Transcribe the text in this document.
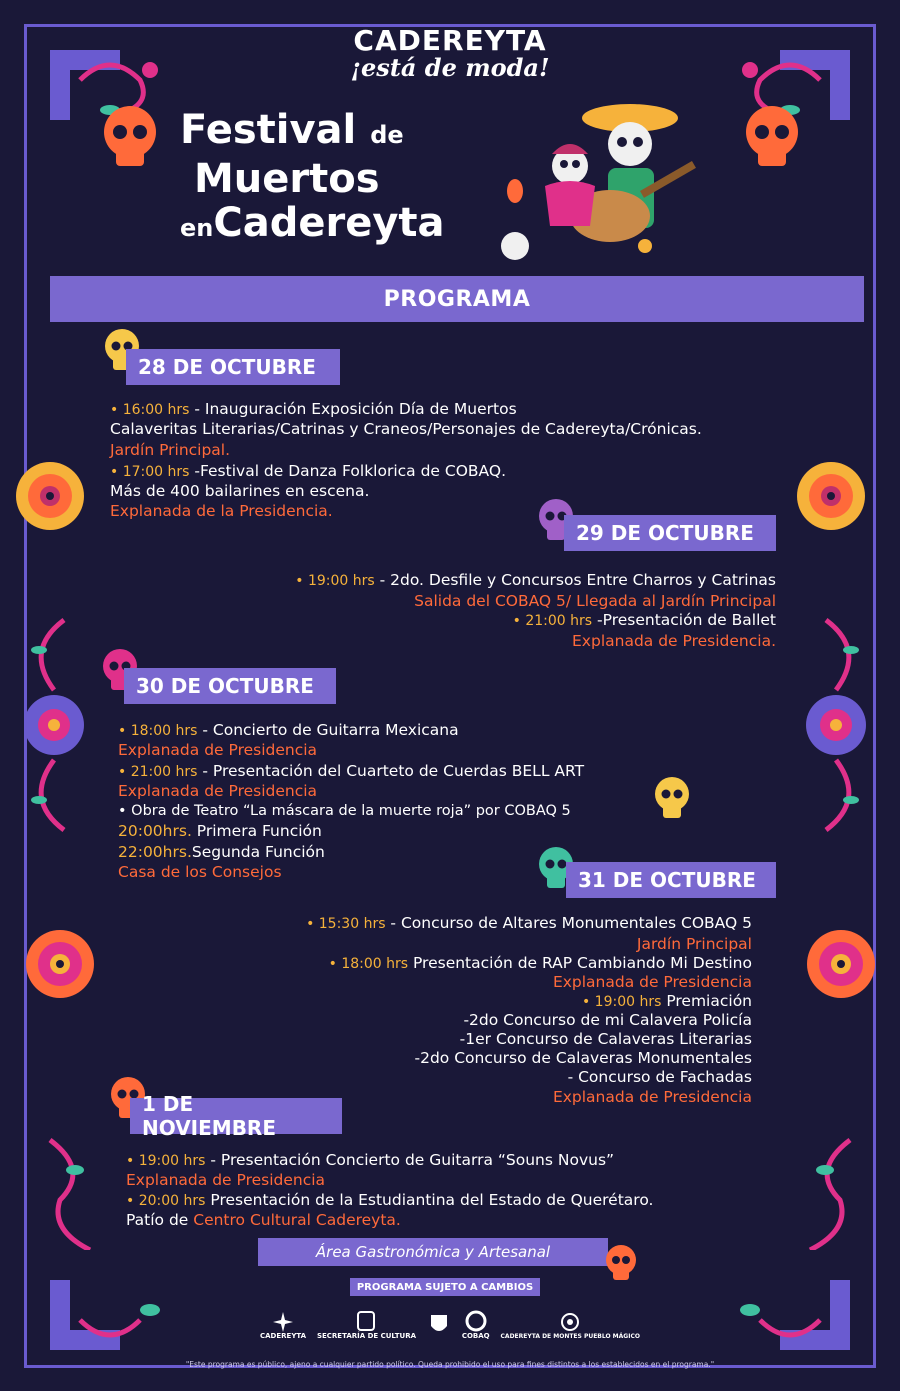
CADEREYTA
¡está de moda!
Festival de
Muertos
enCadereyta
PROGRAMA
28 DE OCTUBRE
• 16:00 hrs - Inauguración Exposición Día de Muertos
Calaveritas Literarias/Catrinas y Craneos/Personajes de Cadereyta/Crónicas.
Jardín Principal.
• 17:00 hrs -Festival de Danza Folklorica de COBAQ.
Más de 400 bailarines en escena.
Explanada de la Presidencia.
29 DE OCTUBRE
• 19:00 hrs - 2do. Desfile y Concursos Entre Charros y Catrinas
Salida del COBAQ 5/ Llegada al Jardín Principal
• 21:00 hrs -Presentación de Ballet
Explanada de Presidencia.
30 DE OCTUBRE
• 18:00 hrs - Concierto de Guitarra Mexicana
Explanada de Presidencia
• 21:00 hrs - Presentación del Cuarteto de Cuerdas BELL ART
Explanada de Presidencia
• Obra de Teatro “La máscara de la muerte roja” por COBAQ 5
20:00hrs. Primera Función
22:00hrs.Segunda Función
Casa de los Consejos	31 DE OCTUBRE
• 15:30 hrs - Concurso de Altares Monumentales COBAQ 5
Jardín Principal
• 18:00 hrs Presentación de RAP Cambiando Mi Destino
Explanada de Presidencia
• 19:00 hrs Premiación
-2do Concurso de mi Calavera Policía
-1er Concurso de Calaveras Literarias
-2do Concurso de Calaveras Monumentales
- Concurso de Fachadas
Explanada de Presidencia
1 DE NOVIEMBRE
• 19:00 hrs - Presentación Concierto de Guitarra “Souns Novus”
Explanada de Presidencia
• 20:00 hrs Presentación de la Estudiantina del Estado de Querétaro.
Patío de Centro Cultural Cadereyta.
Área Gastronómica y Artesanal
PROGRAMA SUJETO A CAMBIOS
CADEREYTA SECRETARÍA DE CULTURA	COBAQ CADEREYTA DE MONTES PUEBLO MÁGICO
"Este programa es público, ajeno a cualquier partido político. Queda prohibido el uso para fines distintos a los establecidos en el programa."
